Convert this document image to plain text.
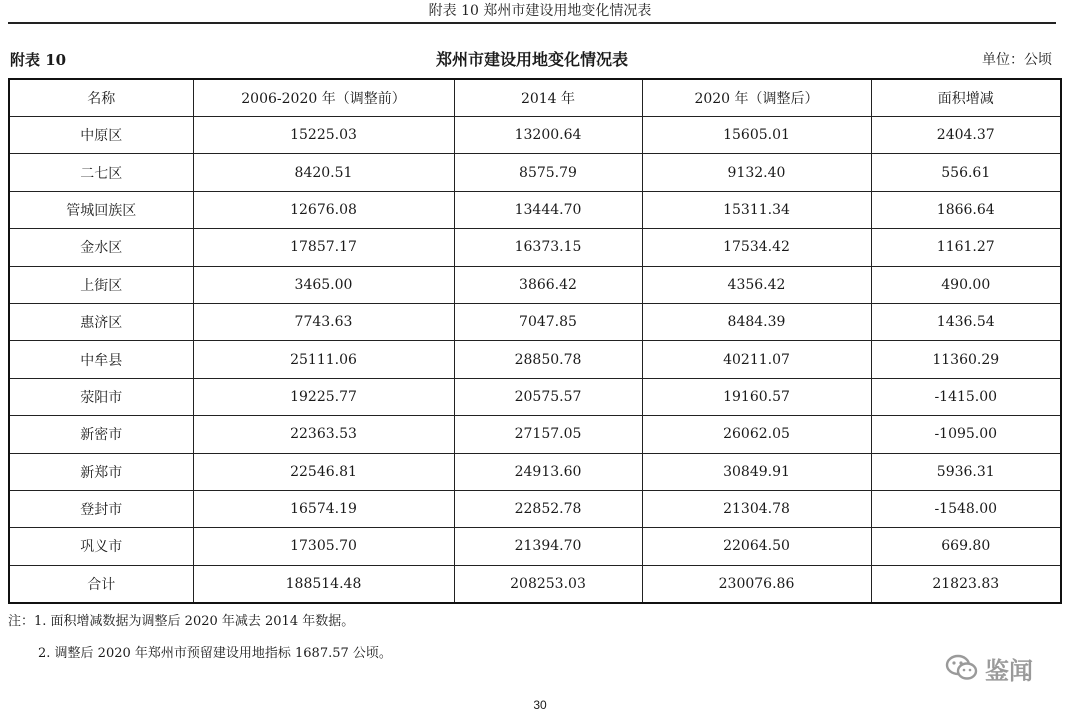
附表 10 郑州市建设用地变化情况表
郑州市建设用地变化情况表
附表 10	单位：公顷
名称	2006-2020 年（调整前）	2014 年	2020 年（调整后）	面积增减
中原区	15225.03	13200.64	15605.01	2404.37
二七区	8420.51	8575.79	9132.40	556.61
管城回族区	12676.08	13444.70	15311.34	1866.64
金水区	17857.17	16373.15	17534.42	1161.27
上街区	3465.00	3866.42	4356.42	490.00
惠济区	7743.63	7047.85	8484.39	1436.54
中牟县	25111.06	28850.78	40211.07	11360.29
荥阳市	19225.77	20575.57	19160.57	-1415.00
新密市	22363.53	27157.05	26062.05	-1095.00
新郑市	22546.81	24913.60	30849.91	5936.31
登封市	16574.19	22852.78	21304.78	-1548.00
巩义市	17305.70	21394.70	22064.50	669.80
合计	188514.48	208253.03	230076.86	21823.83
注：1. 面积增减数据为调整后 2020 年减去 2014 年数据。
2. 调整后 2020 年郑州市预留建设用地指标 1687.57 公顷。
鉴闻
30
